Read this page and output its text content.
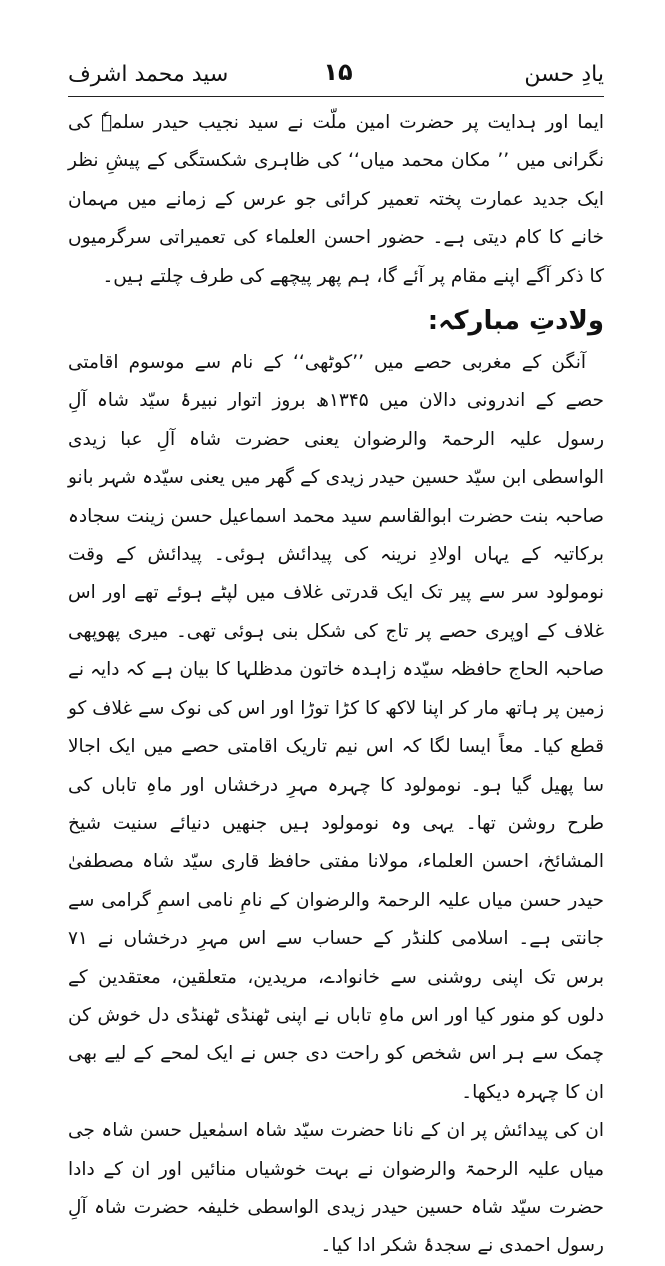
یادِ حسن
۱۵
سید محمد اشرف

ایما اور ہدایت پر حضرت امین ملّت نے سید نجیب حیدر سلمہٗ کی نگرانی میں ’’ مکان محمد میاں‘‘ کی ظاہری شکستگی کے پیشِ نظر ایک جدید عمارت پختہ تعمیر کرائی جو عرس کے زمانے میں مہمان خانے کا کام دیتی ہے۔ حضور احسن العلماء کی تعمیراتی سرگرمیوں کا ذکر آگے اپنے مقام پر آئے گا، ہم پھر پیچھے کی طرف چلتے ہیں۔

ولادتِ مبارکہ:

آنگن کے مغربی حصے میں ’’کوٹھی‘‘ کے نام سے موسوم اقامتی حصے کے اندرونی دالان میں ۱۳۴۵ھ بروز اتوار نبیرۂ سیّد شاہ آلِ رسول علیہ الرحمۃ والرضوان یعنی حضرت شاہ آلِ عبا زیدی الواسطی ابن سیّد حسین حیدر زیدی کے گھر میں یعنی سیّدہ شہر بانو صاحبہ بنت حضرت ابوالقاسم سید محمد اسماعیل حسن زینت سجادہ برکاتیہ کے یہاں اولادِ نرینہ کی پیدائش ہوئی۔ پیدائش کے وقت نومولود سر سے پیر تک ایک قدرتی غلاف میں لپٹے ہوئے تھے اور اس غلاف کے اوپری حصے پر تاج کی شکل بنی ہوئی تھی۔ میری پھوپھی صاحبہ الحاج حافظہ سیّدہ زاہدہ خاتون مدظلہا کا بیان ہے کہ دایہ نے زمین پر ہاتھ مار کر اپنا لاکھ کا کڑا توڑا اور اس کی نوک سے غلاف کو قطع کیا۔ معاً ایسا لگا کہ اس نیم تاریک اقامتی حصے میں ایک اجالا سا پھیل گیا ہو۔ نومولود کا چہرہ مہرِ درخشاں اور ماہِ تاباں کی طرح روشن تھا۔ یہی وہ نومولود ہیں جنھیں دنیائے سنیت شیخ المشائخ، احسن العلماء، مولانا مفتی حافظ قاری سیّد شاہ مصطفیٰ حیدر حسن میاں علیہ الرحمۃ والرضوان کے نامِ نامی اسمِ گرامی سے جانتی ہے۔ اسلامی کلنڈر کے حساب سے اس مہرِ درخشاں نے ۷۱ برس تک اپنی روشنی سے خانوادے، مریدین، متعلقین، معتقدین کے دلوں کو منور کیا اور اس ماہِ تاباں نے اپنی ٹھنڈی ٹھنڈی دل خوش کن چمک سے ہر اس شخص کو راحت دی جس نے ایک لمحے کے لیے بھی ان کا چہرہ دیکھا۔

ان کی پیدائش پر ان کے نانا حضرت سیّد شاہ اسمٰعیل حسن شاہ جی میاں علیہ الرحمۃ والرضوان نے بہت خوشیاں منائیں اور ان کے دادا حضرت سیّد شاہ حسین حیدر زیدی الواسطی خلیفہ حضرت شاہ آلِ رسول احمدی نے سجدۂ شکر ادا کیا۔
